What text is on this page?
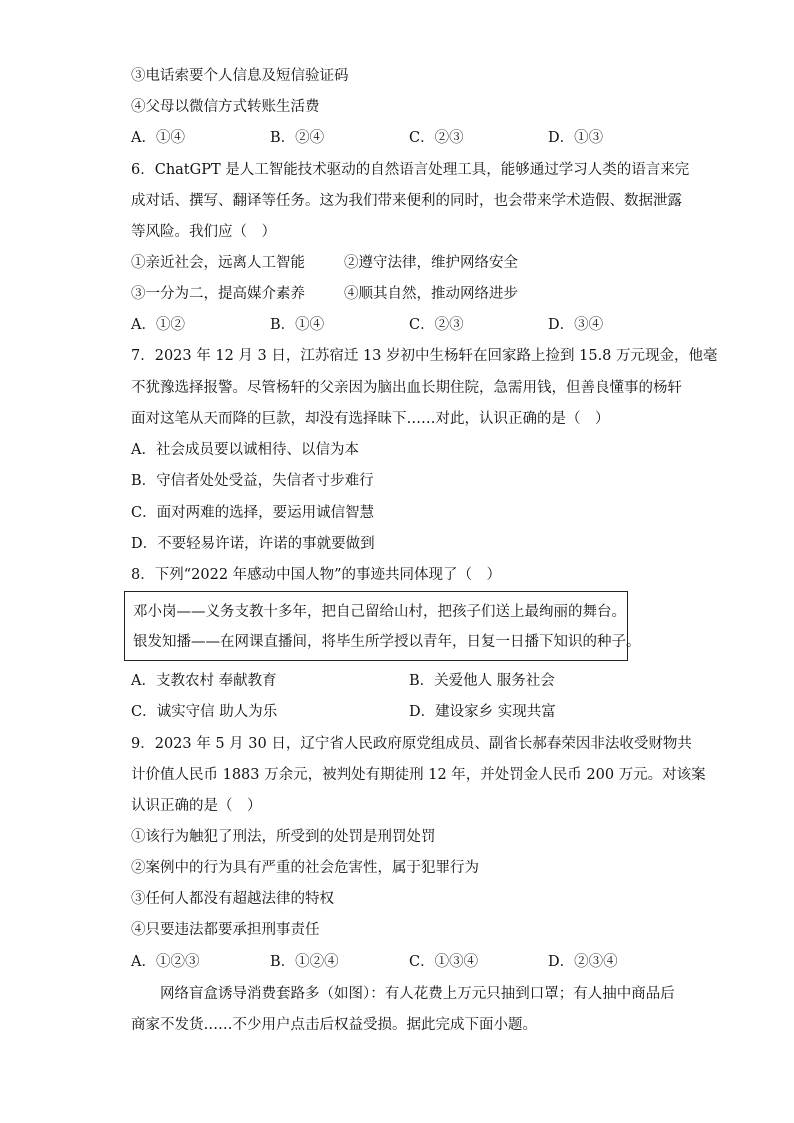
③电话索要个人信息及短信验证码
④父母以微信方式转账生活费
A．①④	B．②④	C．②③	D．①③
6．ChatGPT 是人工智能技术驱动的自然语言处理工具，能够通过学习人类的语言来完
成对话、撰写、翻译等任务。这为我们带来便利的同时，也会带来学术造假、数据泄露
等风险。我们应（　）
①亲近社会，远离人工智能	②遵守法律，维护网络安全
③一分为二，提高媒介素养	④顺其自然，推动网络进步
A．①②	B．①④	C．②③	D．③④
7．2023 年 12 月 3 日，江苏宿迁 13 岁初中生杨轩在回家路上捡到 15.8 万元现金，他毫
不犹豫选择报警。尽管杨轩的父亲因为脑出血长期住院，急需用钱，但善良懂事的杨轩
面对这笔从天而降的巨款，却没有选择昧下……对此，认识正确的是（　）
A．社会成员要以诚相待、以信为本
B．守信者处处受益，失信者寸步难行
C．面对两难的选择，要运用诚信智慧
D．不要轻易许诺，许诺的事就要做到
8．下列“2022 年感动中国人物”的事迹共同体现了（　）
邓小岗——义务支教十多年，把自己留给山村，把孩子们送上最绚丽的舞台。
银发知播——在网课直播间，将毕生所学授以青年，日复一日播下知识的种子。
A．支教农村 奉献教育	B．关爱他人 服务社会
C．诚实守信 助人为乐	D．建设家乡 实现共富
9．2023 年 5 月 30 日，辽宁省人民政府原党组成员、副省长郝春荣因非法收受财物共
计价值人民币 1883 万余元，被判处有期徒刑 12 年，并处罚金人民币 200 万元。对该案
认识正确的是（　）
①该行为触犯了刑法，所受到的处罚是刑罚处罚
②案例中的行为具有严重的社会危害性，属于犯罪行为
③任何人都没有超越法律的特权
④只要违法都要承担刑事责任
A．①②③	B．①②④	C．①③④	D．②③④
　　网络盲盒诱导消费套路多（如图）：有人花费上万元只抽到口罩；有人抽中商品后
商家不发货……不少用户点击后权益受损。据此完成下面小题。
